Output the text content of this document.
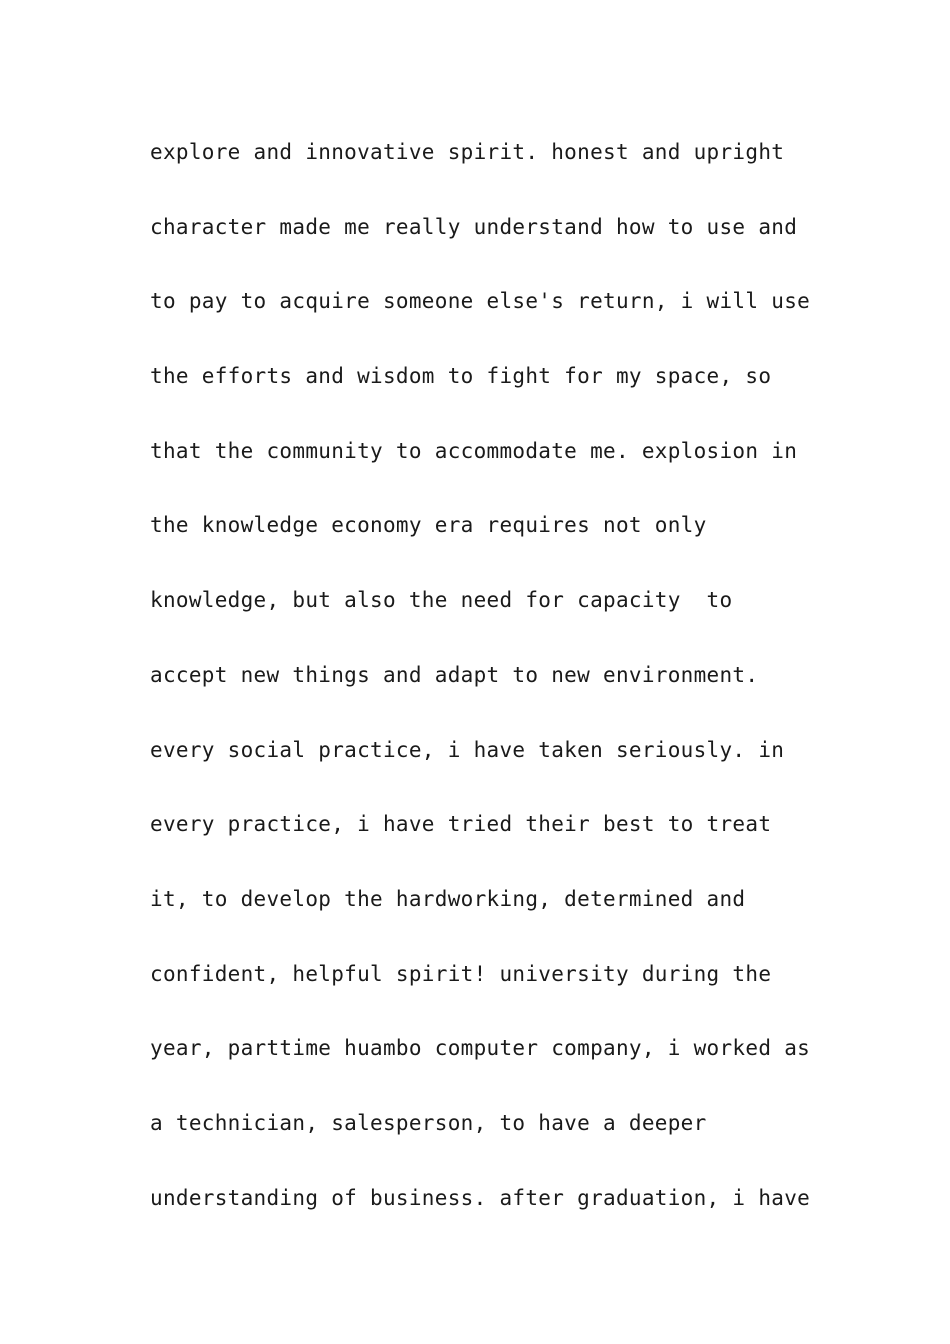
explore and innovative spirit. honest and upright
character made me really understand how to use and
to pay to acquire someone else's return, i will use
the efforts and wisdom to fight for my space, so
that the community to accommodate me. explosion in
the knowledge economy era requires not only
knowledge, but also the need for capacity  to
accept new things and adapt to new environment.
every social practice, i have taken seriously. in
every practice, i have tried their best to treat
it, to develop the hardworking, determined and
confident, helpful spirit! university during the
year, parttime huambo computer company, i worked as
a technician, salesperson, to have a deeper
understanding of business. after graduation, i have
